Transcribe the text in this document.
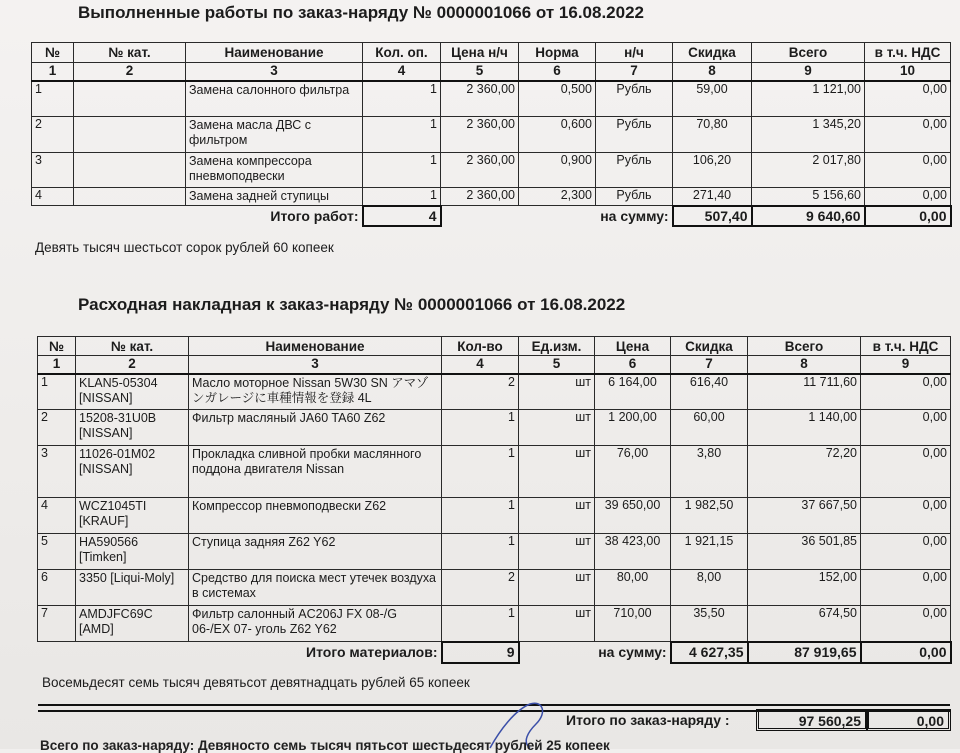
Выполненные работы по заказ-наряду № 0000001066 от 16.08.2022
№	№ кат.	Наименование	Кол. оп.	Цена н/ч	Норма	н/ч	Скидка	Всего	в т.ч. НДС
1	2	3	4	5	6	7	8	9	10
1		Замена салонного фильтра	1	2 360,00	0,500	Рубль	59,00	1 121,00	0,00
2		Замена масла ДВС с фильтром	1	2 360,00	0,600	Рубль	70,80	1 345,20	0,00
3		Замена компрессора пневмоподвески	1	2 360,00	0,900	Рубль	106,20	2 017,80	0,00
4		Замена задней ступицы	1	2 360,00	2,300	Рубль	271,40	5 156,60	0,00
Итого работ:			4	на сумму:			507,40	9 640,60	0,00
Девять тысяч шестьсот сорок рублей 60 копеек
Расходная накладная к заказ-наряду № 0000001066 от 16.08.2022
№	№ кат.	Наименование	Кол-во	Ед.изм.	Цена	Скидка	Всего	в т.ч. НДС
1	2	3	4	5	6	7	8	9
1	KLAN5-05304 [NISSAN]	Масло моторное Nissan 5W30 SN アマゾンガレージに車種情報を登録 4L	2	шт	6 164,00	616,40	11 711,60	0,00
2	15208-31U0B [NISSAN]	Фильтр масляный JA60 TA60 Z62	1	шт	1 200,00	60,00	1 140,00	0,00
3	11026-01M02 [NISSAN]	Прокладка сливной пробки маслянного поддона двигателя Nissan	1	шт	76,00	3,80	72,20	0,00
4	WCZ1045TI [KRAUF]	Компрессор пневмоподвески Z62	1	шт	39 650,00	1 982,50	37 667,50	0,00
5	HA590566 [Timken]	Ступица задняя Z62 Y62	1	шт	38 423,00	1 921,15	36 501,85	0,00
6	3350 [Liqui-Moly]	Средство для поиска мест утечек воздуха в системах	2	шт	80,00	8,00	152,00	0,00
7	AMDJFC69C [AMD]	Фильтр салонный AC206J FX 08-/G 06-/EX 07- уголь Z62 Y62	1	шт	710,00	35,50	674,50	0,00
Итого материалов:			9	на сумму:		4 627,35	87 919,65	0,00
Восемьдесят семь тысяч девятьсот девятнадцать рублей 65 копеек
Итого по заказ-наряду :	97 560,25	0,00
Всего по заказ-наряду: Девяносто семь тысяч пятьсот шестьдесят рублей 25 копеек
